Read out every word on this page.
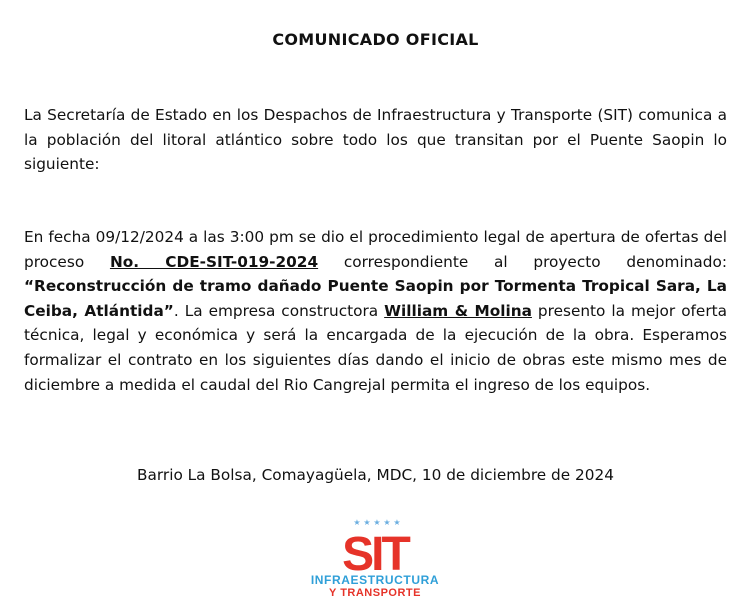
COMUNICADO OFICIAL
La Secretaría de Estado en los Despachos de Infraestructura y Transporte (SIT) comunica a la población del litoral atlántico sobre todo los que transitan por el Puente Saopin lo siguiente:
En fecha 09/12/2024 a las 3:00 pm se dio el procedimiento legal de apertura de ofertas del proceso No. CDE-SIT-019-2024 correspondiente al proyecto denominado: “Reconstrucción de tramo dañado Puente Saopin por Tormenta Tropical Sara, La Ceiba, Atlántida”. La empresa constructora William & Molina presento la mejor oferta técnica, legal y económica y será la encargada de la ejecución de la obra. Esperamos formalizar el contrato en los siguientes días dando el inicio de obras este mismo mes de diciembre a medida el caudal del Rio Cangrejal permita el ingreso de los equipos.
Barrio La Bolsa, Comayagüela, MDC, 10 de diciembre de 2024
★ ★ ★ ★ ★
SIT
INFRAESTRUCTURA
Y TRANSPORTE
